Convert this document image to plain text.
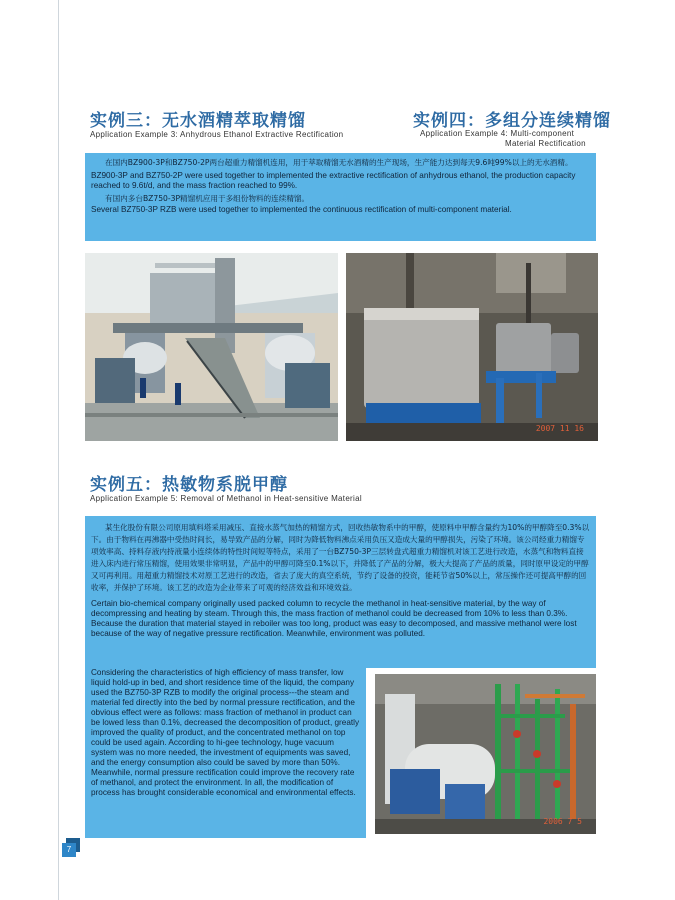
实例三：无水酒精萃取精馏
Application Example 3: Anhydrous Ethanol Extractive Rectification
实例四：多组分连续精馏
Application Example 4: Multi-component
Material Rectification
在国内BZ900-3P和BZ750-2P两台超重力精馏机连用，用于萃取精馏无水酒精的生产现场，生产能力达到每天9.6吨99%以上的无水酒精。
BZ900-3P and BZ750-2P were used together to implemented the extractive rectification of anhydrous ethanol, the production capacity reached to 9.6t/d, and the mass fraction reached to 99%.
有国内多台BZ750-3P精馏机应用于多组份物料的连续精馏。
Several BZ750-3P RZB were used together to implemented the continuous rectification of multi-component material.
2007 11 16
实例五：热敏物系脱甲醇
Application Example 5: Removal of Methanol in Heat-sensitive Material
某生化股份有限公司原用填料塔采用减压、直接水蒸气加热的精馏方式，回收热敏物系中的甲醇，使原料中甲醇含量约为10%的甲醇降至0.3%以下。由于物料在再沸器中受热时间长，易导致产品的分解，同时为降低物料沸点采用负压又造成大量的甲醇损失，污染了环境。该公司经重力精馏专项效率高、持料存液内持液量小连续体的特性时间短等特点，采用了一台BZ750-3P三层转盘式超重力精馏机对该工艺进行改造，水蒸气和物料直接进入床内进行常压精馏，使用效果非常明显，产品中的甲醇可降至0.1%以下，并降低了产品的分解，极大大提高了产品的质量，同时原甲设定的甲醇又可再利用。用超重力精馏技术对原工艺进行的改造，省去了庞大的真空系统，节约了设备的投资，能耗节省50%以上，常压操作还可提高甲醇的回收率，并保护了环境。该工艺的改造为企业带来了可观的经济效益和环境效益。
Certain bio-chemical company originally used packed column to recycle the methanol in heat-sensitive material, by the way of decompressing and heating by steam. Through this, the mass fraction of methanol could be decreased from 10% to less than 0.3%. Because the duration that material stayed in reboiler was too long, product was easy to decomposed, and massive methanol were lost because of the way of negative pressure rectification. Meanwhile, environment was polluted.
Considering the characteristics of high efficiency of mass transfer, low liquid hold-up in bed, and short residence time of the liquid, the company used the BZ750-3P RZB to modify the original process---the steam and material fed directly into the bed by normal pressure rectification, and the obvious effect were as follows: mass fraction of methanol in product can be lowed less than 0.1%, decreased the decomposition of product, greatly improved the quality of product, and the concentrated methanol on top could be used again. According to hi-gee technology, huge vacuum system was no more needed, the investment of equipments was saved, and the energy consumption also could be saved by more than 50%. Meanwhile, normal pressure rectification could improve the recovery rate of methanol, and protect the environment. In all, the modification of process has brought considerable economical and environmental effects.
2006 7 5
7
